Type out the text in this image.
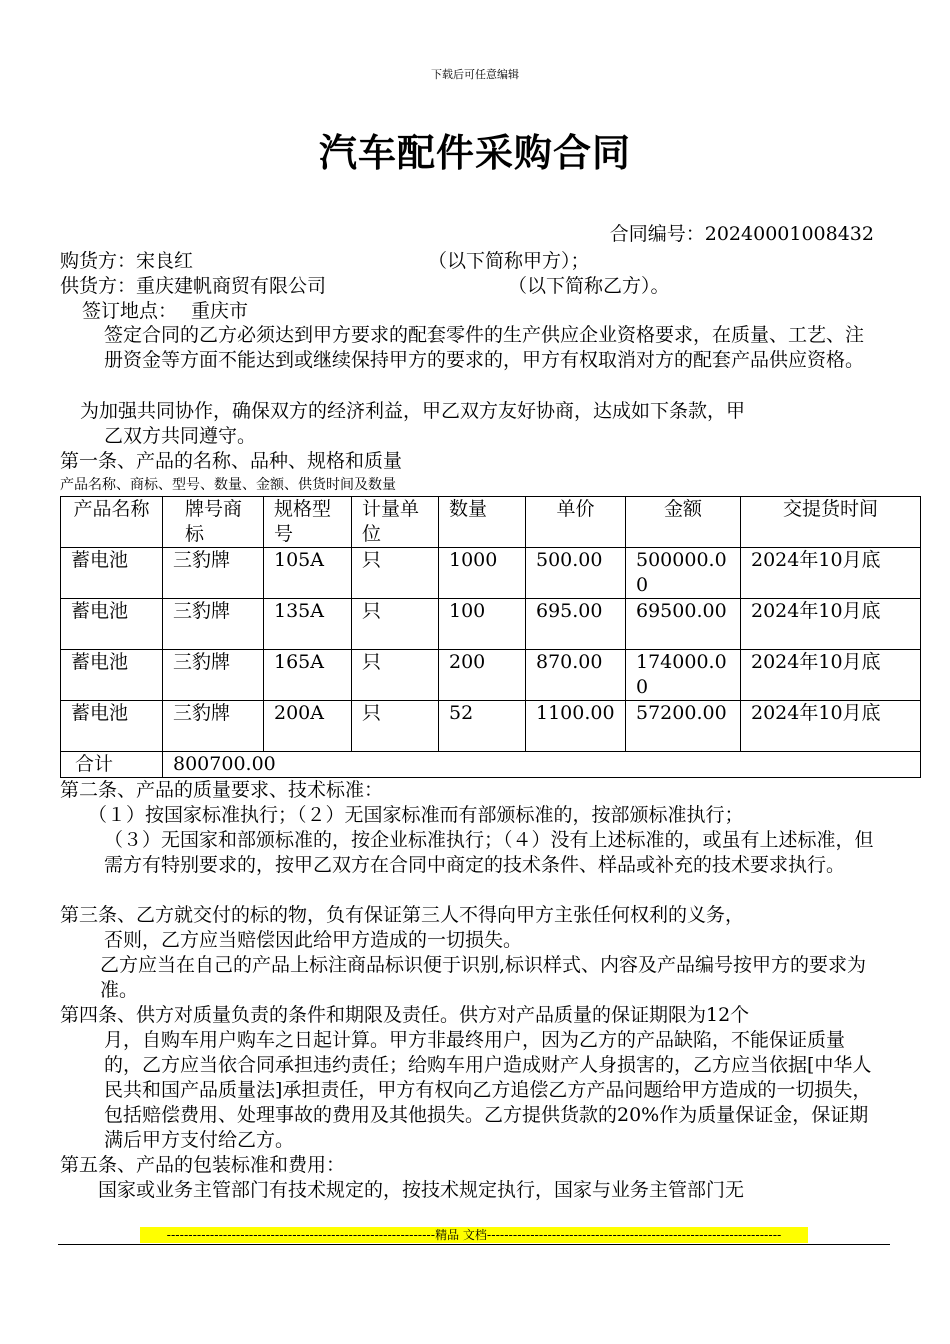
下载后可任意编辑
汽车配件采购合同
合同编号：20240001008432
购货方：宋良红	（以下简称甲方）；
供货方：重庆建帆商贸有限公司	（以下简称乙方）。
签订地点： 重庆市
签定合同的乙方必须达到甲方要求的配套零件的生产供应企业资格要求，在质量、工艺、注册资金等方面不能达到或继续保持甲方的要求的，甲方有权取消对方的配套产品供应资格。
为加强共同协作，确保双方的经济利益，甲乙双方友好协商，达成如下条款，甲
乙双方共同遵守。
第一条、产品的名称、品种、规格和质量
产品名称、商标、型号、数量、金额、供货时间及数量
产品名称	牌号商标	规格型号	计量单位	数量	单价	金额	交提货时间
蓄电池	三豹牌	105A	只	1000	500.00	500000.00	2024年10月底
蓄电池	三豹牌	135A	只	100	695.00	69500.00	2024年10月底
蓄电池	三豹牌	165A	只	200	870.00	174000.00	2024年10月底
蓄电池	三豹牌	200A	只	52	1100.00	57200.00	2024年10月底
合计	800700.00						
第二条、产品的质量要求、技术标准：
（１）按国家标准执行；（２）无国家标准而有部颁标准的，按部颁标准执行；
（３）无国家和部颁标准的，按企业标准执行；（４）没有上述标准的，或虽有上述标准，但需方有特别要求的，按甲乙双方在合同中商定的技术条件、样品或补充的技术要求执行。
第三条、乙方就交付的标的物，负有保证第三人不得向甲方主张任何权利的义务，
否则，乙方应当赔偿因此给甲方造成的一切损失。
乙方应当在自己的产品上标注商品标识便于识别,标识样式、内容及产品编号按甲方的要求为准。
第四条、供方对质量负责的条件和期限及责任。供方对产品质量的保证期限为12个
月，自购车用户购车之日起计算。甲方非最终用户，因为乙方的产品缺陷，不能保证质量的，乙方应当依合同承担违约责任；给购车用户造成财产人身损害的，乙方应当依据[中华人民共和国产品质量法]承担责任，甲方有权向乙方追偿乙方产品问题给甲方造成的一切损失，包括赔偿费用、处理事故的费用及其他损失。乙方提供货款的20%作为质量保证金，保证期满后甲方支付给乙方。
第五条、产品的包装标准和费用：
国家或业务主管部门有技术规定的，按技术规定执行，国家与业务主管部门无
--------------------------------------------------------------精品 文档--------------------------------------------------------------------
